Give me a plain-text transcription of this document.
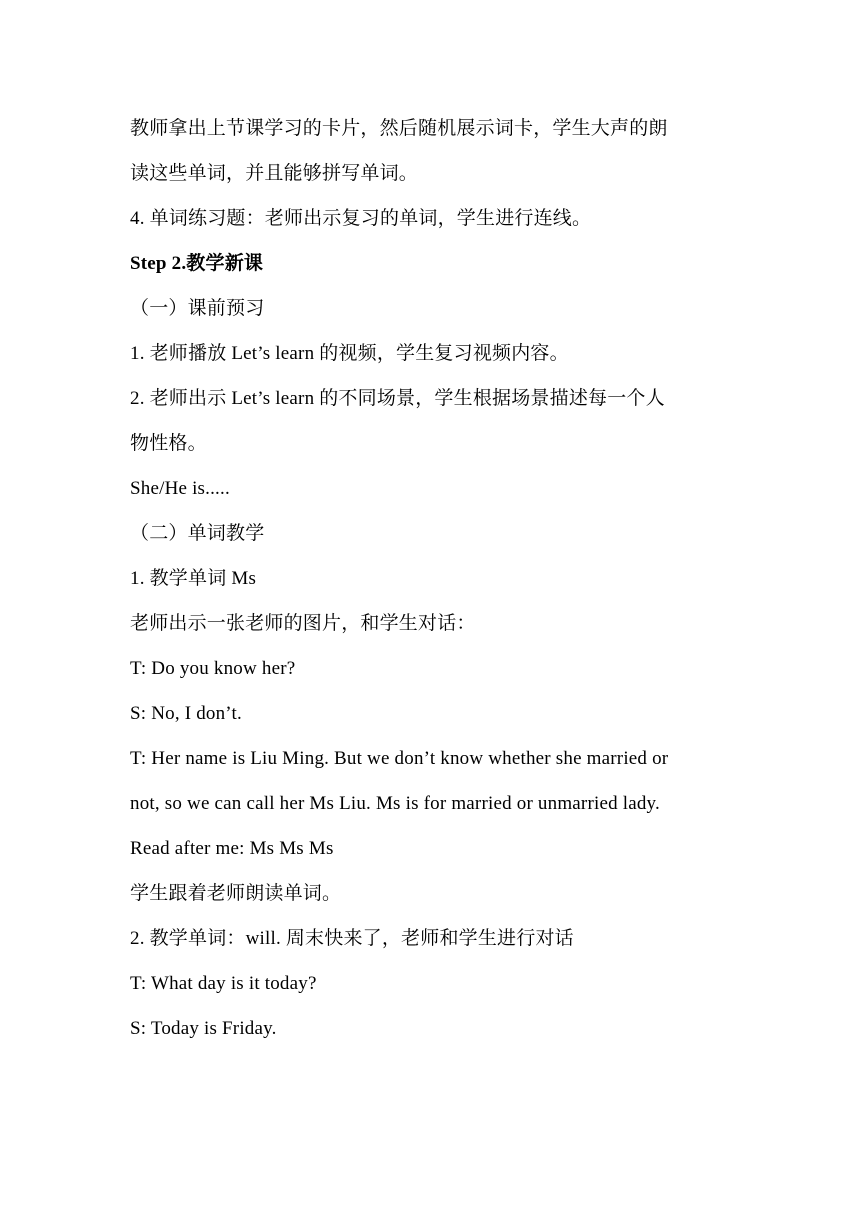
教师拿出上节课学习的卡片，然后随机展示词卡，学生大声的朗
读这些单词，并且能够拼写单词。
4. 单词练习题：老师出示复习的单词，学生进行连线。
Step 2.教学新课
（一）课前预习
1. 老师播放 Let’s learn 的视频，学生复习视频内容。
2. 老师出示 Let’s learn 的不同场景，学生根据场景描述每一个人
物性格。
She/He is.....
（二）单词教学
1. 教学单词 Ms
老师出示一张老师的图片，和学生对话：
T: Do you know her?
S: No, I don’t.
T: Her name is Liu Ming. But we don’t know whether she married or
not, so we can call her Ms Liu. Ms is for married or unmarried lady.
Read after me: Ms Ms Ms
学生跟着老师朗读单词。
2. 教学单词：will. 周末快来了，老师和学生进行对话
T: What day is it today?
S: Today is Friday.
